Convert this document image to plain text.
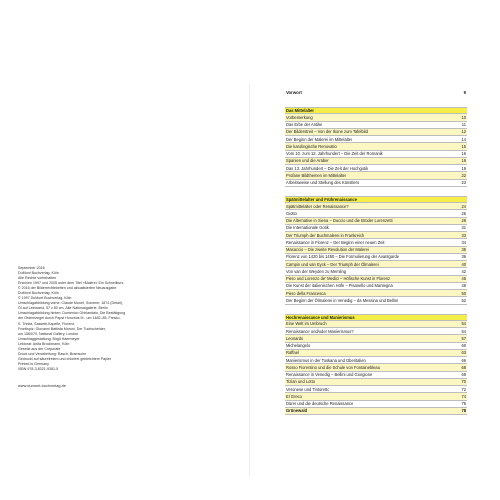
September 2016
DuMont Buchverlag, Köln
Alle Rechte vorbehalten
Erschien 1997 und 2005 unter dem Titel »Malerei. Ein Schnellkurs
© 2016 der Bilderrechteketten und aktualisierten Neuausgabe
DuMont Buchverlag, Köln
© 1997 DuMont Buchverlag, Köln
Umschlagabbildung vorne: Claude Monet, Sommer, 1874 (Detail),
Öl auf Leinwand, 57 x 80 cm, Alte Nationalgalerie, Berlin
Umschlagabbildung hinten: Domenico Ghirlandaio, Die Bestätigung
der Ordensregel durch Papst Honorius III., um 1482–85, Fresko,
S. Trinità, Sassetti-Kapelle, Florenz.
Frontispiz: Giovanni Battista Moroni, Der Tuchscheider,
um 1560/70, National Gallery, London
Umschlaggestaltung: Birgit Haermeyer
Lektorat: Anita Brockmann, Köln
Gesetzt aus der Corporate
Druck und Verarbeitung: Rasch, Bramsche
Gedruckt auf säurefreiem und chlorfrei gebleichtem Papier
Printed in Germany
ISBN 978-3-8321-9381-5
www.dumont-buchverlag.de
Vorwort	9
Das Mittelalter
Vorbemerkung	10
Das Erbe der Antike	11
Der Bilderstreit – Von der Ikone zum Tafelbild	12
Der Beginn der Malerei im Mittelalter	14
Die karolingische Renovatio	15
Vom 10. zum 12. Jahrhundert – Die Zeit der Romanik	16
Spanien und die Araber	19
Das 13. Jahrhundert – Die Zeit der Hochgotik	19
Profane Bildthemen im Mittelalter	22
Arbeitsweise und Stellung des Künstlers	23
Spätmittelalter und Frührenaissance
Spätmittelalter oder Renaissance?	24
Giotto	26
Die Alternative in Siena – Duccio und die Brüder Lorenzetti	28
Die Internationale Gotik	31
Der Triumph der Buchmalerei in Frankreich	33
Renaissance in Florenz – Der Beginn einer neuen Zeit	34
Masaccio – Die zweite Revolution der Malerei	35
Florenz von 1420 bis 1450 – Die Formulierung der Avantgarde	36
Campin und van Eyck – Der Triumph der Ölmalerei	40
Von van der Weyden zu Memling	42
Piero und Lorenzo de' Medici – Höfische Kunst in Florenz	45
Die Kunst der italienischen Höfe – Pisanello und Mantegna	48
Piero della Francesca	50
Der Beginn der Ölmalerei in Venedig – da Messina und Bellini	52
Hochrenaissance und Manierismus
Eine Welt im Umbruch	54
Renaissance und/oder Manierismus?	54
Leonardo	57
Michelangelo	60
Raffael	63
Manierismus in der Toskana und Oberitalien	66
Rosso Fiorentino und die Schule von Fontainebleau	68
Renaissance in Venedig – Bellini und Giorgione	69
Tizian und Lotto	70
Veronese und Tintoretto	72
El Greco	74
Dürer und die deutsche Renaissance	76
Grünewald	78
